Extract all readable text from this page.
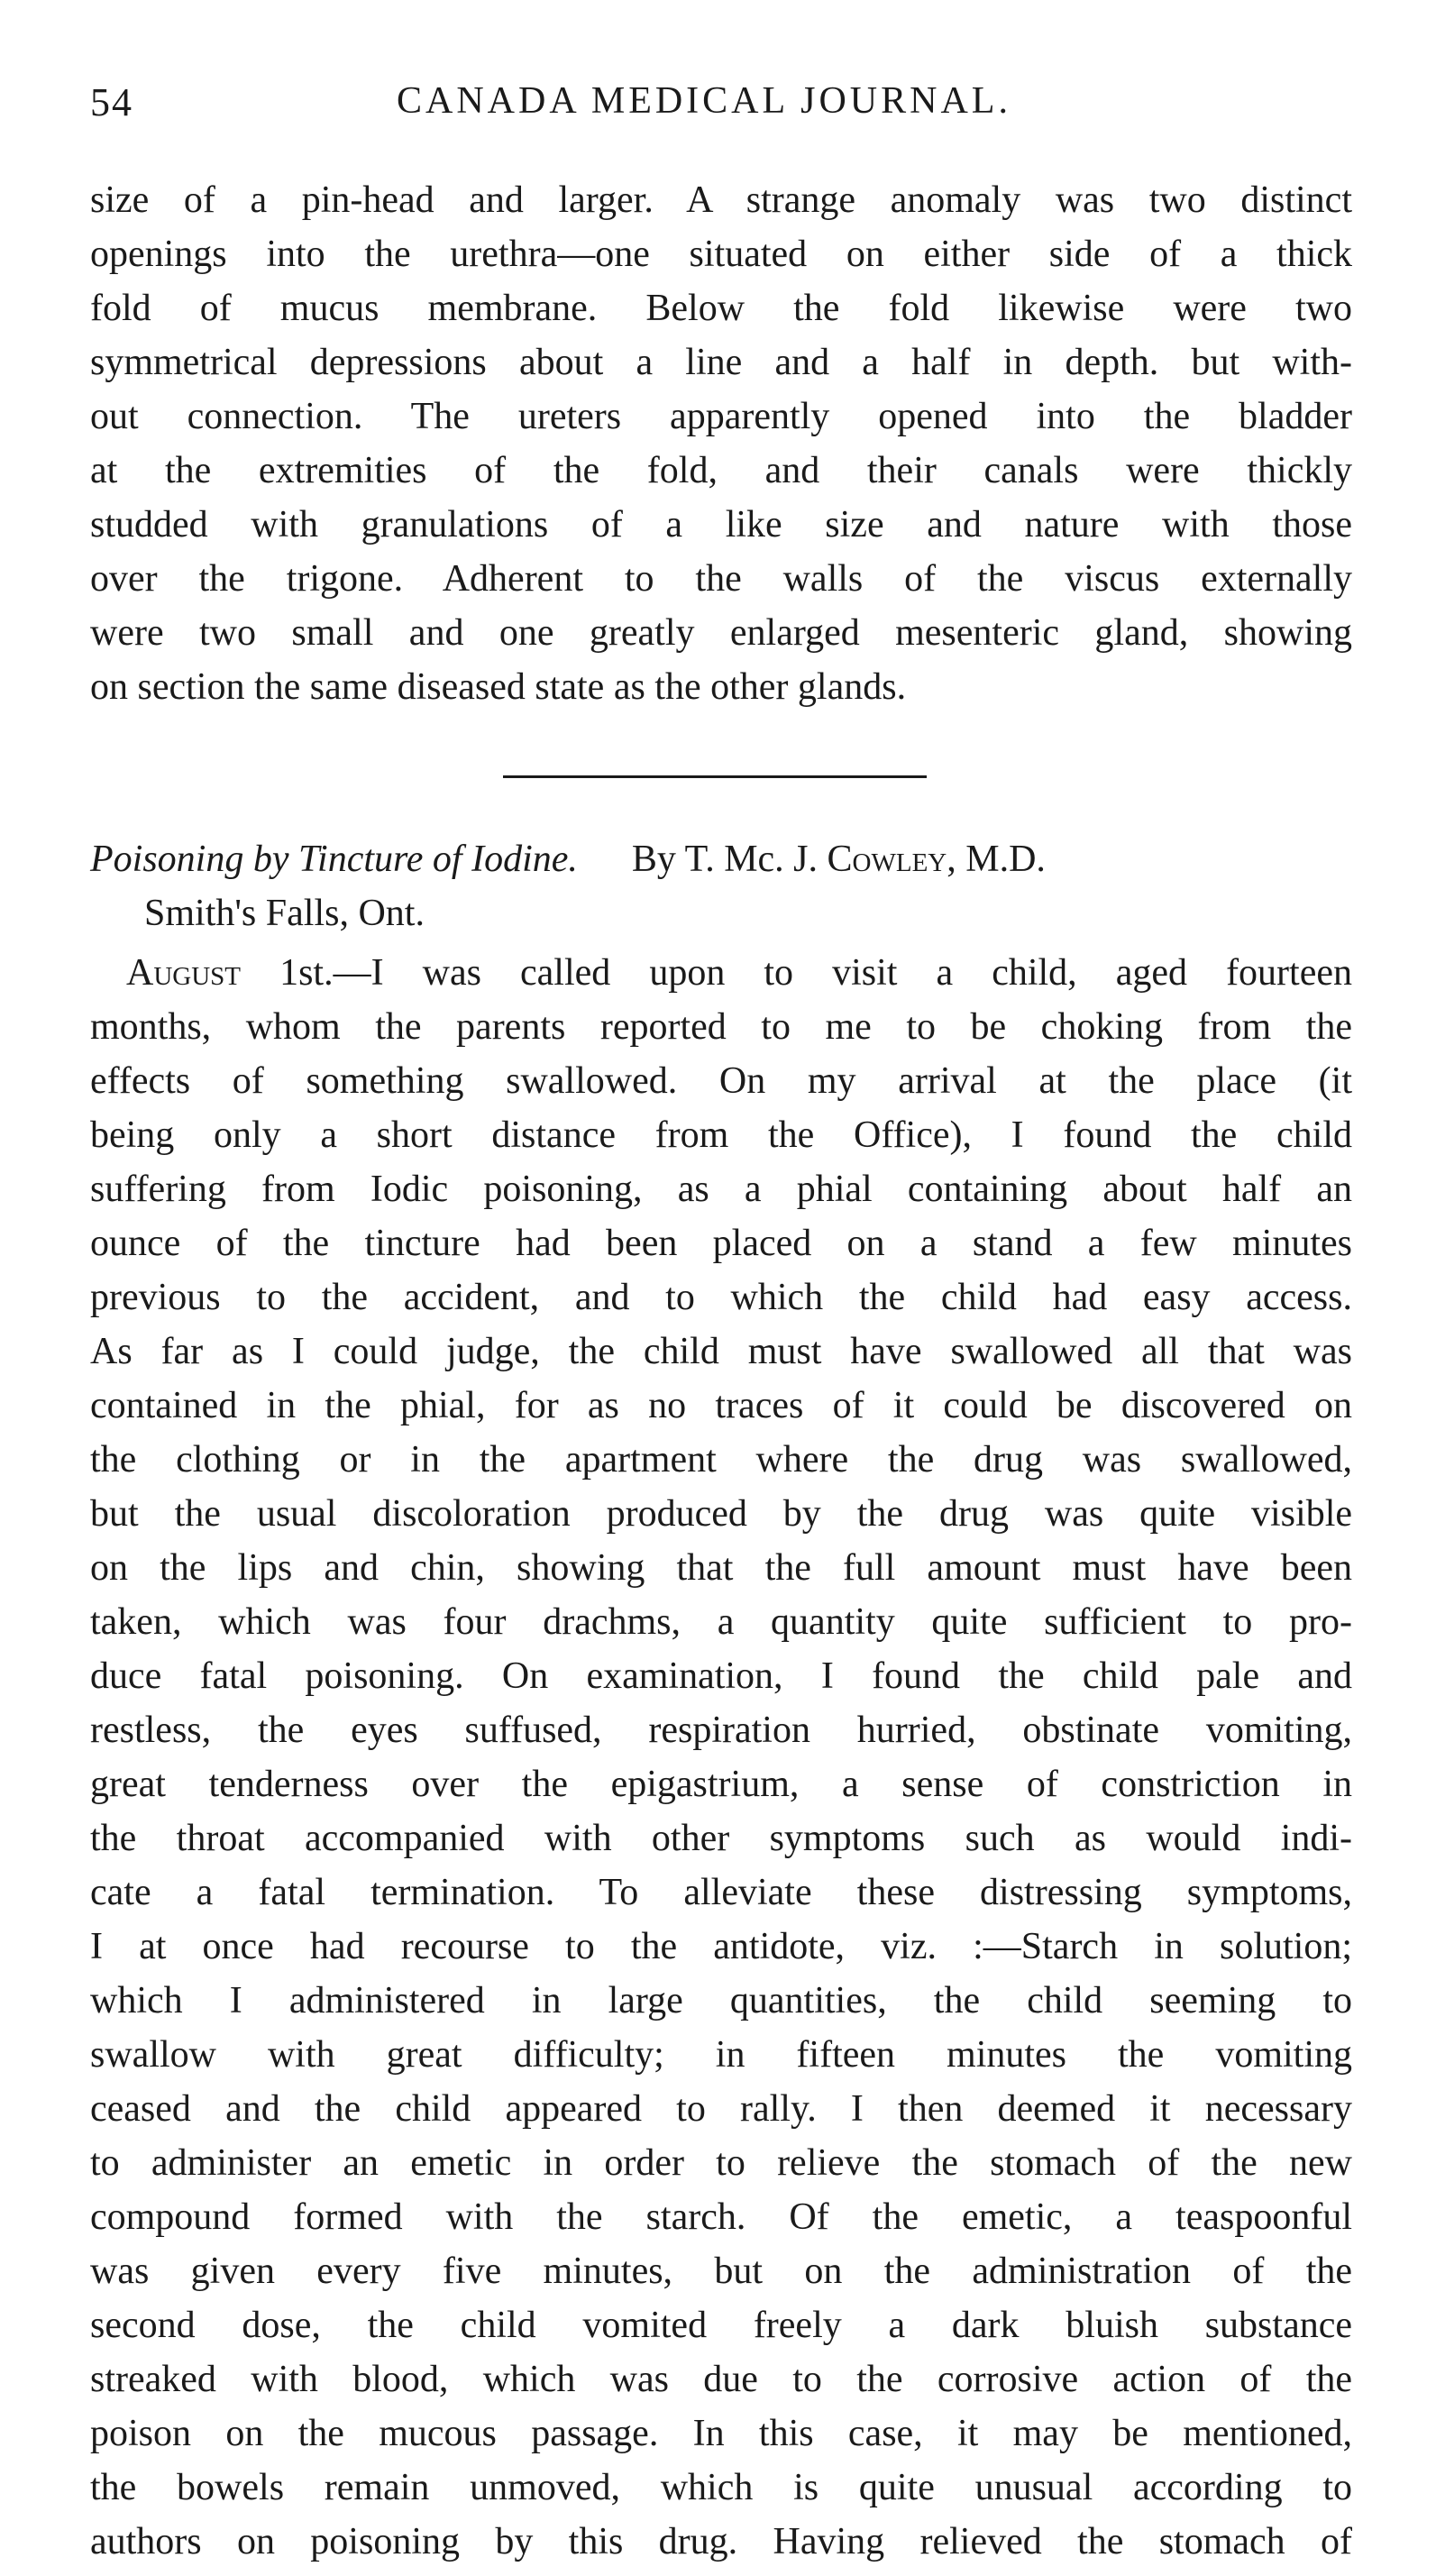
54	CANADA MEDICAL JOURNAL.
size of a pin-head and larger. A strange anomaly was two distinct
openings into the urethra—one situated on either side of a thick
fold of mucus membrane. Below the fold likewise were two
symmetrical depressions about a line and a half in depth. but with-
out connection. The ureters apparently opened into the bladder
at the extremities of the fold, and their canals were thickly
studded with granulations of a like size and nature with those
over the trigone. Adherent to the walls of the viscus externally
were two small and one greatly enlarged mesenteric gland, showing
on section the same diseased state as the other glands.
Poisoning by Tincture of Iodine. By T. Mc. J. Cowley, M.D.
Smith's Falls, Ont.
August 1st.—I was called upon to visit a child, aged fourteen
months, whom the parents reported to me to be choking from the
effects of something swallowed. On my arrival at the place (it
being only a short distance from the Office), I found the child
suffering from Iodic poisoning, as a phial containing about half an
ounce of the tincture had been placed on a stand a few minutes
previous to the accident, and to which the child had easy access.
As far as I could judge, the child must have swallowed all that was
contained in the phial, for as no traces of it could be discovered on
the clothing or in the apartment where the drug was swallowed,
but the usual discoloration produced by the drug was quite visible
on the lips and chin, showing that the full amount must have been
taken, which was four drachms, a quantity quite sufficient to pro-
duce fatal poisoning. On examination, I found the child pale and
restless, the eyes suffused, respiration hurried, obstinate vomiting,
great tenderness over the epigastrium, a sense of constriction in
the throat accompanied with other symptoms such as would indi-
cate a fatal termination. To alleviate these distressing symptoms,
I at once had recourse to the antidote, viz. :—Starch in solution;
which I administered in large quantities, the child seeming to
swallow with great difficulty; in fifteen minutes the vomiting
ceased and the child appeared to rally. I then deemed it necessary
to administer an emetic in order to relieve the stomach of the new
compound formed with the starch. Of the emetic, a teaspoonful
was given every five minutes, but on the administration of the
second dose, the child vomited freely a dark bluish substance
streaked with blood, which was due to the corrosive action of the
poison on the mucous passage. In this case, it may be mentioned,
the bowels remain unmoved, which is quite unusual according to
authors on poisoning by this drug. Having relieved the stomach of
